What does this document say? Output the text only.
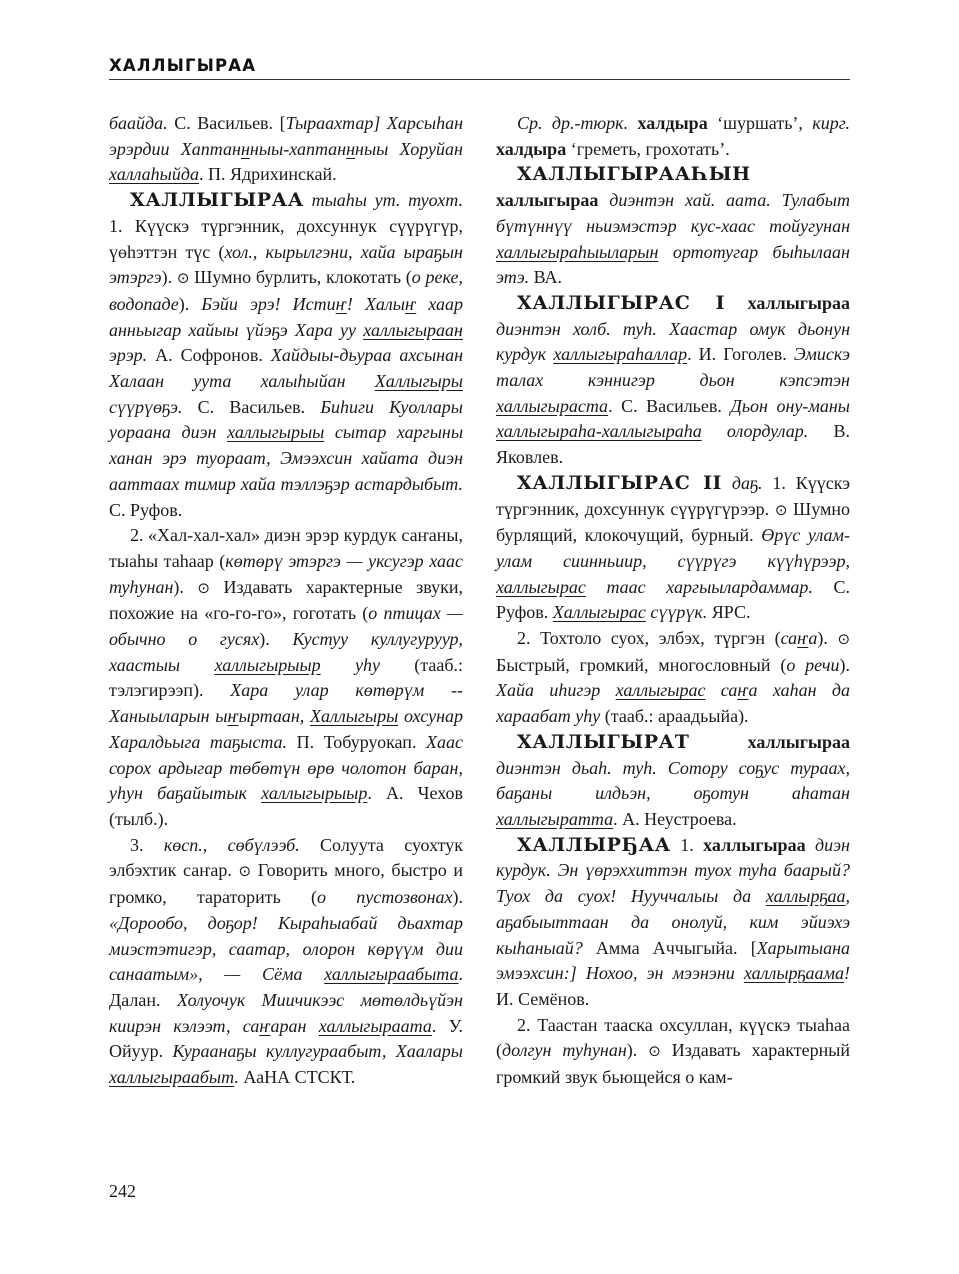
ХАЛЛЫГЫРАА

баайда. С. Васильев. [Тыраахтар] Харсыһан эрэрдии Хаптаннныы-хаптаннныы Хоруйан халлаһыйда. П. Ядрихинскай.

ХАЛЛЫГЫРАА тыаһы ут. туохт. 1. Күүскэ түргэнник, дохсуннук сүүрүгүр, үөһэттэн түс (хол., кырылгэни, хайа ыраҕын этэргэ). ⊙ Шумно бурлить, клокотать (о реке, водопаде). Бэйи эрэ! Истиҥ! Халыҥ хаар анньыгар хайыы үйэҕэ Хара уу халлыгыраан эрэр. А. Софронов. Хайдыы-дьураа ахсынан Халаан уута халыһыйан Халлыгыры сүүрүөҕэ. С. Васильев. Биһиги Куоллары уораана диэн халлыгырыы сытар харгыны ханан эрэ туораат, Эмээхсин хайата диэн ааттаах тимир хайа тэллэҕэр астардыбыт. С. Руфов.

2. «Хал-хал-хал» диэн эрэр курдук саҥаны, тыаһы таһаар (көтөрү этэргэ — уксугэр хаас туһунан). ⊙ Издавать характерные звуки, похожие на «го-го-го», гоготать (о птицах — обычно о гусях). Кустуу куллугуруур, хаастыы халлыгырыыр уһу (тааб.: тэлэгирээп). Хара улар көтөрүм -- Ханыыларын ыҥыртаан, Халлыгыры охсунар Харалдьыга таҕыста. П. Тобуруокап. Хаас сорох ардыгар төбөтүн өрө чолотон баран, уһун баҕайытык халлыгырыыр. А. Чехов (тылб.).

3. көсп., сөбүлээб. Солуута суохтук элбэхтик саҥар. ⊙ Говорить много, быстро и громко, тараторить (о пустозвонах). «Дорообо, доҕор! Кыраһыабай дьахтар миэстэтигэр, саатар, олорон көрүүм дии санаатым», — Сёма халлыгыраабыта. Далан. Холуочук Миичикээс мөтөлдьүйэн киирэн кэлээт, саҥаран халлыгыраата. У. Ойуур. Кураанаҕы куллугураабыт, Хаалары халлыгыраабыт. АаНА СТСКТ.

Ср. др.-тюрк. халдыра ‘шуршать’, кирг. халдыра ‘греметь, грохотать’.

ХАЛЛЫГЫРААҺЫН халлыгыраа диэнтэн хай. аата. Тулабыт бүтүннүү ньиэмэстэр кус-хаас тойугунан халлыгыраһыыларын ортотугар быһылаан этэ. ВА.

ХАЛЛЫГЫРАС І халлыгыраа диэнтэн холб. туһ. Хаастар омук дьонун курдук халлыгыраһаллар. И. Гоголев. Эмискэ талах кэннигэр дьон кэпсэтэн халлыгыраста. С. Васильев. Дьон ону-маны халлыгыраһа-халлыгыраһа олордулар. В. Яковлев.

ХАЛЛЫГЫРАС ІІ даҕ. 1. Күүскэ түргэнник, дохсуннук сүүрүгүрээр. ⊙ Шумно бурлящий, клокочущий, бурный. Өрүс улам-улам сиинньиир, сүүрүгэ күүһүрээр, халлыгырас таас харгыылардаммар. С. Руфов. Халлыгырас сүүрүк. ЯРС.

2. Тохтоло суох, элбэх, түргэн (саҥа). ⊙ Быстрый, громкий, многословный (о речи). Хайа иһигэр халлыгырас саҥа хаһан да хараабат уһу (тааб.: араадьыйа).

ХАЛЛЫГЫРАТ халлыгыраа диэнтэн дьаһ. туһ. Сотору соҕус тураах, баҕаны илдьэн, оҕотун аһатан халлыгыратта. А. Неустроева.

ХАЛЛЫРҔАА 1. халлыгыраа диэн курдук. Эн үөрэххиттэн туох туһа баарый? Туох да суох! Нууччалыы да халлырҕаа, аҕабыыттаан да онолуй, ким эйиэхэ кыһаныай? Амма Аччыгыйа. [Харытыана эмээхсин:] Нохоо, эн мээнэни халлырҕаама! И. Семёнов.

2. Таастан тааска охсуллан, күүскэ тыаһаа (долгун туһунан). ⊙ Издавать характерный громкий звук бьющейся о кам-

242
